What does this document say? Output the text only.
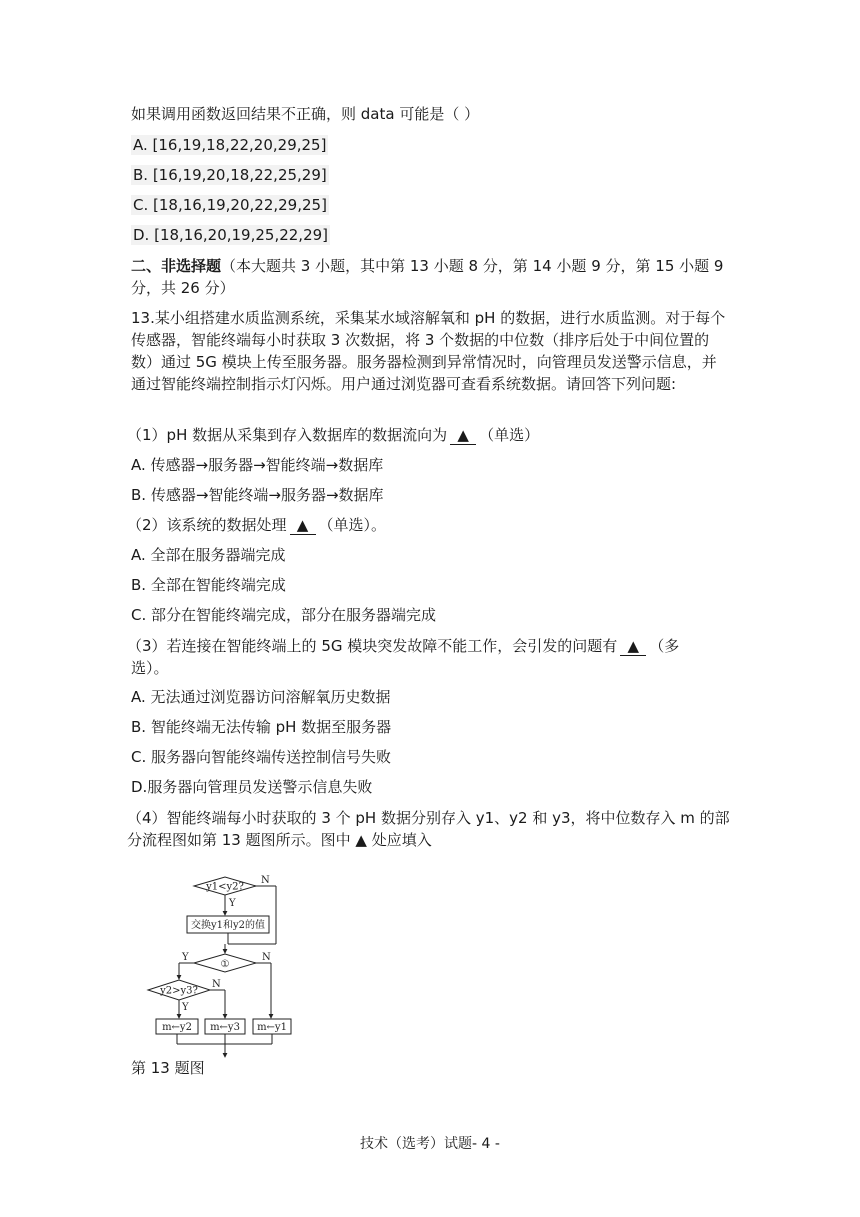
如果调用函数返回结果不正确，则 data 可能是（ ）
A. [16,19,18,22,20,29,25]
B. [16,19,20,18,22,25,29]
C. [18,16,19,20,22,29,25]
D. [18,16,20,19,25,22,29]
二、非选择题（本大题共 3 小题，其中第 13 小题 8 分，第 14 小题 9 分，第 15 小题 9
分，共 26 分）
13.某小组搭建水质监测系统，采集某水域溶解氧和 pH 的数据，进行水质监测。对于每个传感器，智能终端每小时获取 3 次数据，将 3 个数据的中位数（排序后处于中间位置的数）通过 5G 模块上传至服务器。服务器检测到异常情况时，向管理员发送警示信息，并通过智能终端控制指示灯闪烁。用户通过浏览器可查看系统数据。请回答下列问题:
（1）pH 数据从采集到存入数据库的数据流向为 ▲ （单选）
A. 传感器→服务器→智能终端→数据库
B. 传感器→智能终端→服务器→数据库
（2）该系统的数据处理 ▲ （单选）。
A. 全部在服务器端完成
B. 全部在智能终端完成
C. 部分在智能终端完成，部分在服务器端完成
（3）若连接在智能终端上的 5G 模块突发故障不能工作，会引发的问题有 ▲ （多
选）。
A. 无法通过浏览器访问溶解氧历史数据
B. 智能终端无法传输 pH 数据至服务器
C. 服务器向智能终端传送控制信号失败
D.服务器向管理员发送警示信息失败
（4）智能终端每小时获取的 3 个 pH 数据分别存入 y1、y2 和 y3，将中位数存入 m 的部分流程图如第 13 题图所示。图中 ▲ 处应填入
y1<y2?
交换y1和y2的值
①
y2>y3?
m←y2 m←y3 m←y1
N
Y
Y	N
Y
N
第 13 题图
技术（选考）试题- 4 -
